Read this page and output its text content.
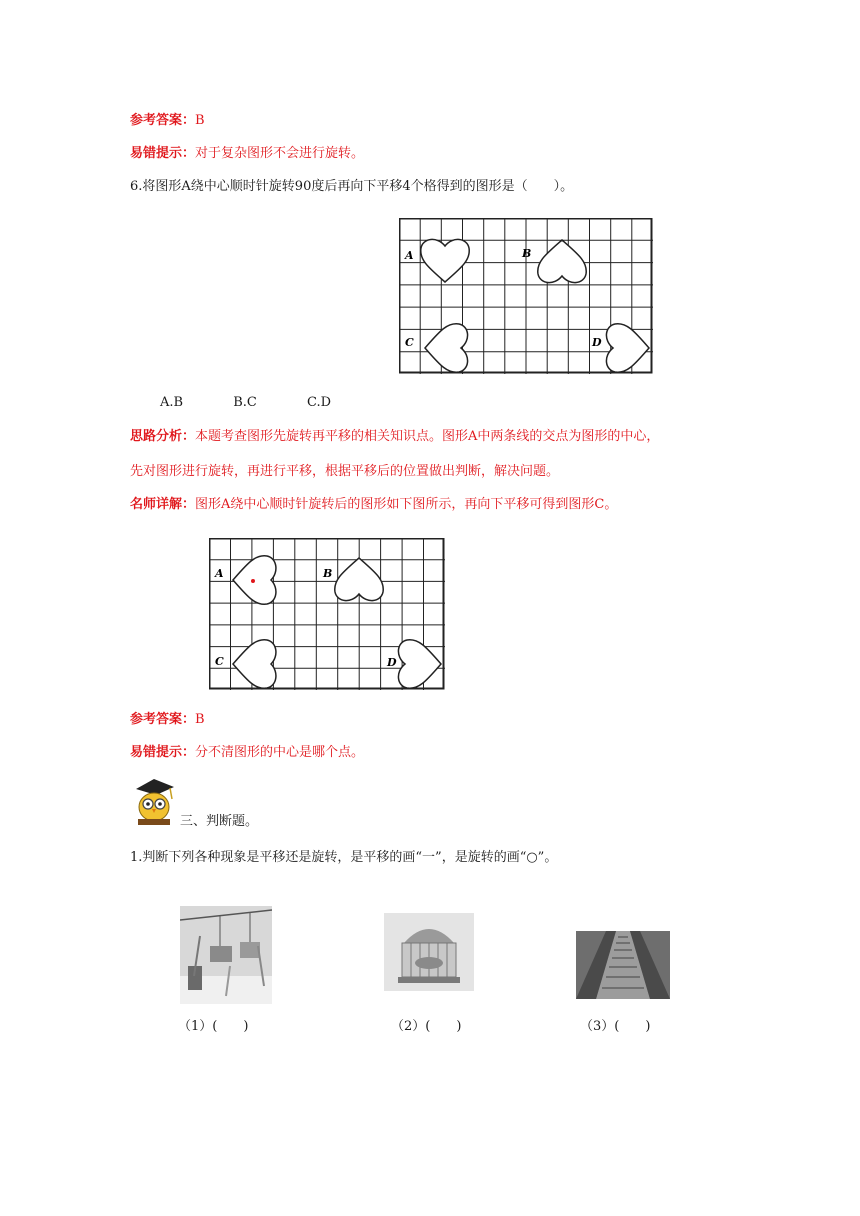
参考答案：B
易错提示：对于复杂图形不会进行旋转。
6.将图形A绕中心顺时针旋转90度后再向下平移4个格得到的图形是（　　）。
A	B
C	D
A.B	B.C	C.D
思路分析：本题考查图形先旋转再平移的相关知识点。图形A中两条线的交点为图形的中心，
先对图形进行旋转，再进行平移，根据平移后的位置做出判断，解决问题。
名师详解：图形A绕中心顺时针旋转后的图形如下图所示，再向下平移可得到图形C。
A	B
C	D
参考答案：B
易错提示：分不清图形的中心是哪个点。
三、判断题。
1.判断下列各种现象是平移还是旋转，是平移的画“一”，是旋转的画“○”。
（1）(　　)	（2）(　　)	（3）(　　)
